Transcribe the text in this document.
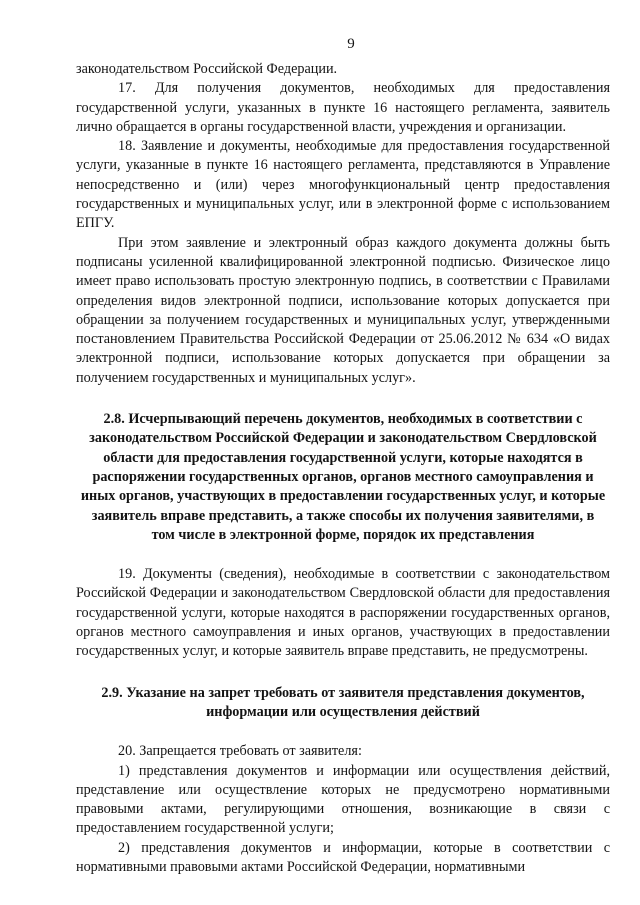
9

законодательством Российской Федерации.

17. Для получения документов, необходимых для предоставления государственной услуги, указанных в пункте 16 настоящего регламента, заявитель лично обращается в органы государственной власти, учреждения и организации.

18. Заявление и документы, необходимые для предоставления государственной услуги, указанные в пункте 16 настоящего регламента, представляются в Управление непосредственно и (или) через многофункциональный центр предоставления государственных и муниципальных услуг, или в электронной форме с использованием ЕПГУ.

При этом заявление и электронный образ каждого документа должны быть подписаны усиленной квалифицированной электронной подписью. Физическое лицо имеет право использовать простую электронную подпись, в соответствии с Правилами определения видов электронной подписи, использование которых допускается при обращении за получением государственных и муниципальных услуг, утвержденными постановлением Правительства Российской Федерации от 25.06.2012 № 634 «О видах электронной подписи, использование которых допускается при обращении за получением государственных и муниципальных услуг».

2.8. Исчерпывающий перечень документов, необходимых в соответствии с законодательством Российской Федерации и законодательством Свердловской области для предоставления государственной услуги, которые находятся в распоряжении государственных органов, органов местного самоуправления и иных органов, участвующих в предоставлении государственных услуг, и которые заявитель вправе представить, а также способы их получения заявителями, в том числе в электронной форме, порядок их представления

19. Документы (сведения), необходимые в соответствии с законодательством Российской Федерации и законодательством Свердловской области для предоставления государственной услуги, которые находятся в распоряжении государственных органов, органов местного самоуправления и иных органов, участвующих в предоставлении государственных услуг, и которые заявитель вправе представить, не предусмотрены.

2.9. Указание на запрет требовать от заявителя представления документов, информации или осуществления действий

20. Запрещается требовать от заявителя:

1) представления документов и информации или осуществления действий, представление или осуществление которых не предусмотрено нормативными правовыми актами, регулирующими отношения, возникающие в связи с предоставлением государственной услуги;

2) представления документов и информации, которые в соответствии с нормативными правовыми актами Российской Федерации, нормативными
